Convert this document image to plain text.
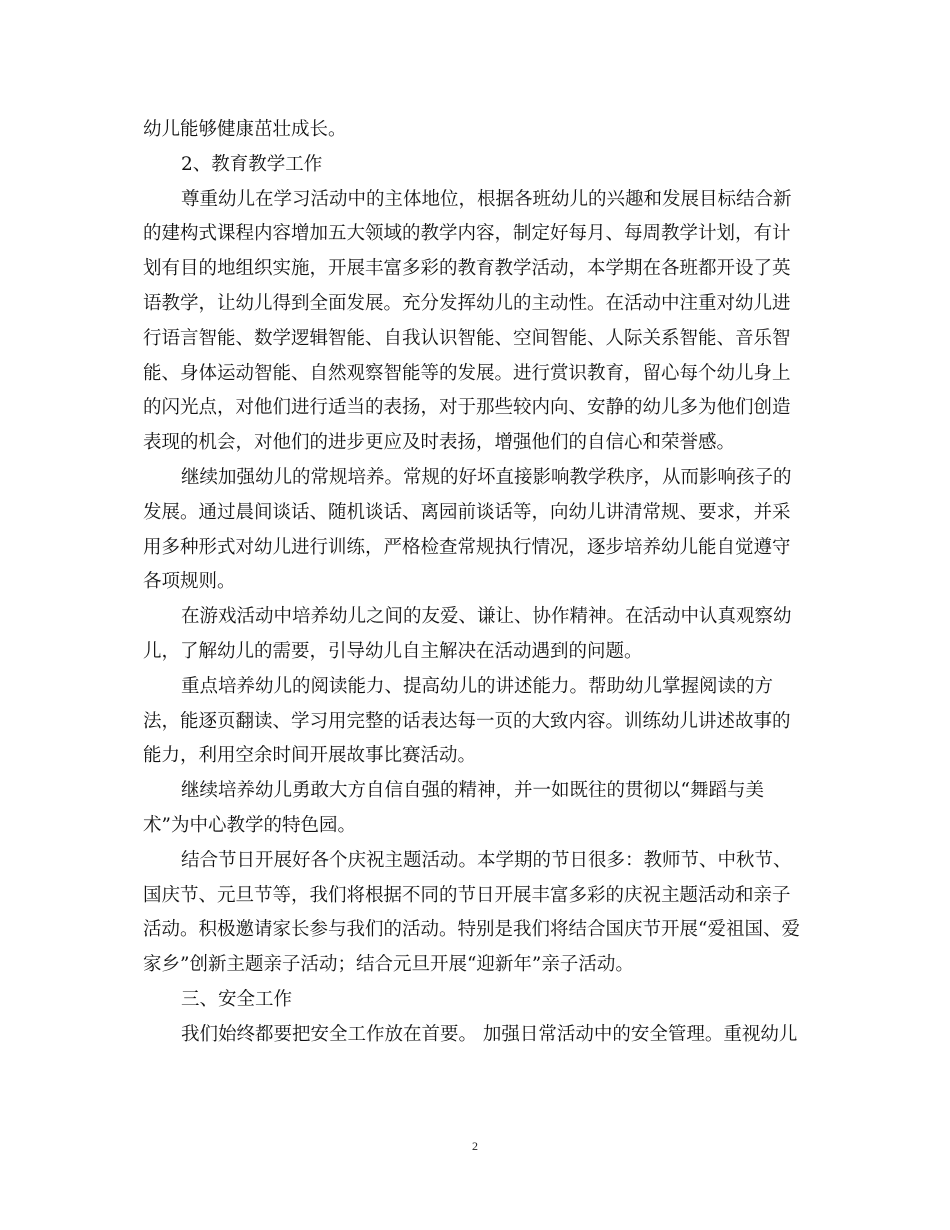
幼儿能够健康茁壮成长。
2、教育教学工作
尊重幼儿在学习活动中的主体地位，根据各班幼儿的兴趣和发展目标结合新
的建构式课程内容增加五大领域的教学内容，制定好每月、每周教学计划，有计
划有目的地组织实施，开展丰富多彩的教育教学活动，本学期在各班都开设了英
语教学，让幼儿得到全面发展。充分发挥幼儿的主动性。在活动中注重对幼儿进
行语言智能、数学逻辑智能、自我认识智能、空间智能、人际关系智能、音乐智
能、身体运动智能、自然观察智能等的发展。进行赏识教育，留心每个幼儿身上
的闪光点，对他们进行适当的表扬，对于那些较内向、安静的幼儿多为他们创造
表现的机会，对他们的进步更应及时表扬，增强他们的自信心和荣誉感。
继续加强幼儿的常规培养。常规的好坏直接影响教学秩序，从而影响孩子的
发展。通过晨间谈话、随机谈话、离园前谈话等，向幼儿讲清常规、要求，并采
用多种形式对幼儿进行训练，严格检查常规执行情况，逐步培养幼儿能自觉遵守
各项规则。
在游戏活动中培养幼儿之间的友爱、谦让、协作精神。在活动中认真观察幼
儿，了解幼儿的需要，引导幼儿自主解决在活动遇到的问题。
重点培养幼儿的阅读能力、提高幼儿的讲述能力。帮助幼儿掌握阅读的方
法，能逐页翻读、学习用完整的话表达每一页的大致内容。训练幼儿讲述故事的
能力，利用空余时间开展故事比赛活动。
继续培养幼儿勇敢大方自信自强的精神，并一如既往的贯彻以“舞蹈与美
术”为中心教学的特色园。
结合节日开展好各个庆祝主题活动。本学期的节日很多：教师节、中秋节、
国庆节、元旦节等，我们将根据不同的节日开展丰富多彩的庆祝主题活动和亲子
活动。积极邀请家长参与我们的活动。特别是我们将结合国庆节开展“爱祖国、爱
家乡”创新主题亲子活动；结合元旦开展“迎新年”亲子活动。
三、安全工作
我们始终都要把安全工作放在首要。 加强日常活动中的安全管理。重视幼儿
2
